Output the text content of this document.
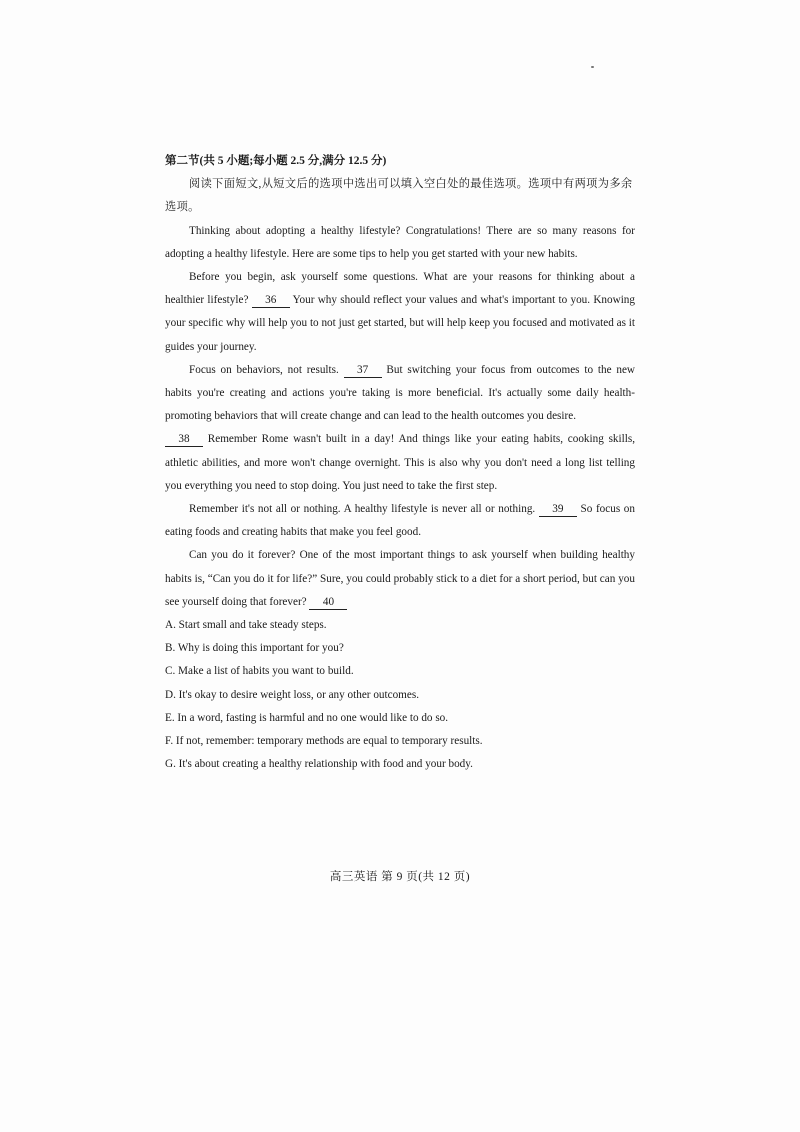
第二节(共 5 小题;每小题 2.5 分,满分 12.5 分)

阅读下面短文,从短文后的选项中选出可以填入空白处的最佳选项。选项中有两项为多余选项。

Thinking about adopting a healthy lifestyle? Congratulations! There are so many reasons for adopting a healthy lifestyle. Here are some tips to help you get started with your new habits.

Before you begin, ask yourself some questions. What are your reasons for thinking about a healthier lifestyle? 36 Your why should reflect your values and what's important to you. Knowing your specific why will help you to not just get started, but will help keep you focused and motivated as it guides your journey.

Focus on behaviors, not results. 37 But switching your focus from outcomes to the new habits you're creating and actions you're taking is more beneficial. It's actually some daily health-promoting behaviors that will create change and can lead to the health outcomes you desire.

38 Remember Rome wasn't built in a day! And things like your eating habits, cooking skills, athletic abilities, and more won't change overnight. This is also why you don't need a long list telling you everything you need to stop doing. You just need to take the first step.

Remember it's not all or nothing. A healthy lifestyle is never all or nothing. 39 So focus on eating foods and creating habits that make you feel good.

Can you do it forever? One of the most important things to ask yourself when building healthy habits is, “Can you do it for life?” Sure, you could probably stick to a diet for a short period, but can you see yourself doing that forever? 40

A. Start small and take steady steps.
B. Why is doing this important for you?
C. Make a list of habits you want to build.
D. It's okay to desire weight loss, or any other outcomes.
E. In a word, fasting is harmful and no one would like to do so.
F. If not, remember: temporary methods are equal to temporary results.
G. It's about creating a healthy relationship with food and your body.
高三英语 第 9 页(共 12 页)
